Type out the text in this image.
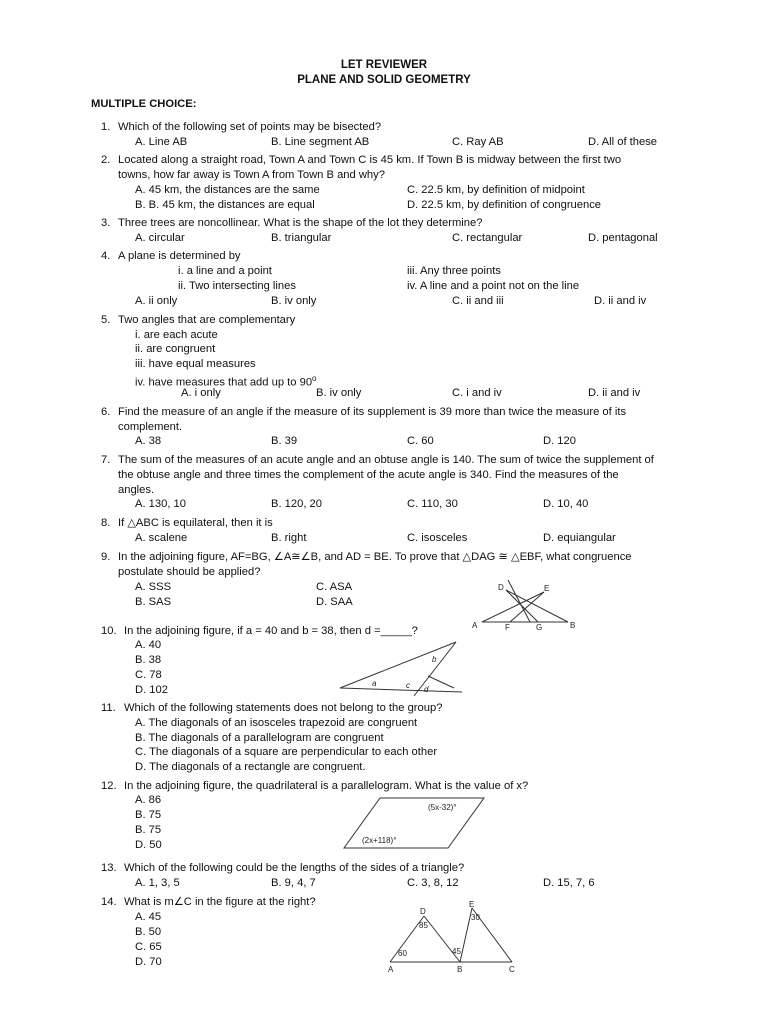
LET REVIEWER
PLANE AND SOLID GEOMETRY
MULTIPLE CHOICE:
1. Which of the following set of points may be bisected?
A. Line AB	B. Line segment AB	C. Ray AB	D. All of these
2. Located along a straight road, Town A and Town C is 45 km. If Town B is midway between the first two
towns, how far away is Town A from Town B and why?
A. 45 km, the distances are the same	C. 22.5 km, by definition of midpoint
B. B. 45 km, the distances are equal	D. 22.5 km, by definition of congruence
3. Three trees are noncollinear. What is the shape of the lot they determine?
A. circular	B. triangular	C. rectangular	D. pentagonal
4. A plane is determined by
i. a line and a point	iii. Any three points
ii. Two intersecting lines	iv. A line and a point not on the line
A. ii only	B. iv only	C. ii and iii	D. ii and iv
5. Two angles that are complementary
i. are each acute
ii. are congruent
iii. have equal measures
iv. have measures that add up to 90$^o$
A. i only	B. iv only	C. i and iv	D. ii and iv
6. Find the measure of an angle if the measure of its supplement is 39 more than twice the measure of its
complement.
A. 38	B. 39	C. 60	D. 120
7. The sum of the measures of an acute angle and an obtuse angle is 140. The sum of twice the supplement of
the obtuse angle and three times the complement of the acute angle is 340. Find the measures of the
angles.
A. 130, 10	B. 120, 20	C. 110, 30	D. 10, 40
8. If △ABC is equilateral, then it is
A. scalene	B. right	C. isosceles	D. equiangular
9. In the adjoining figure, AF=BG, ∠A≅∠B, and AD = BE. To prove that △DAG ≅ △EBF, what congruence
postulate should be applied?
A. SSS	C. ASA
B. SAS	D. SAA
A	B
D	E
F	G
10. In the adjoining figure, if a = 40 and b = 38, then d =_____?
A. 40
B. 38
C. 78
D. 102
a
b
c d
11. Which of the following statements does not belong to the group?
A. The diagonals of an isosceles trapezoid are congruent
B. The diagonals of a parallelogram are congruent
C. The diagonals of a square are perpendicular to each other
D. The diagonals of a rectangle are congruent.
12. In the adjoining figure, the quadrilateral is a parallelogram. What is the value of x?
A. 86
B. 75
B. 75
D. 50
(5x-32)°
(2x+118)°
13. Which of the following could be the lengths of the sides of a triangle?
A. 1, 3, 5	B. 9, 4, 7	C. 3, 8, 12	D. 15, 7, 6
14. What is m∠C in the figure at the right?
A. 45
B. 50
C. 65
D. 70
A	B	C
D
E
85
60	45
30
